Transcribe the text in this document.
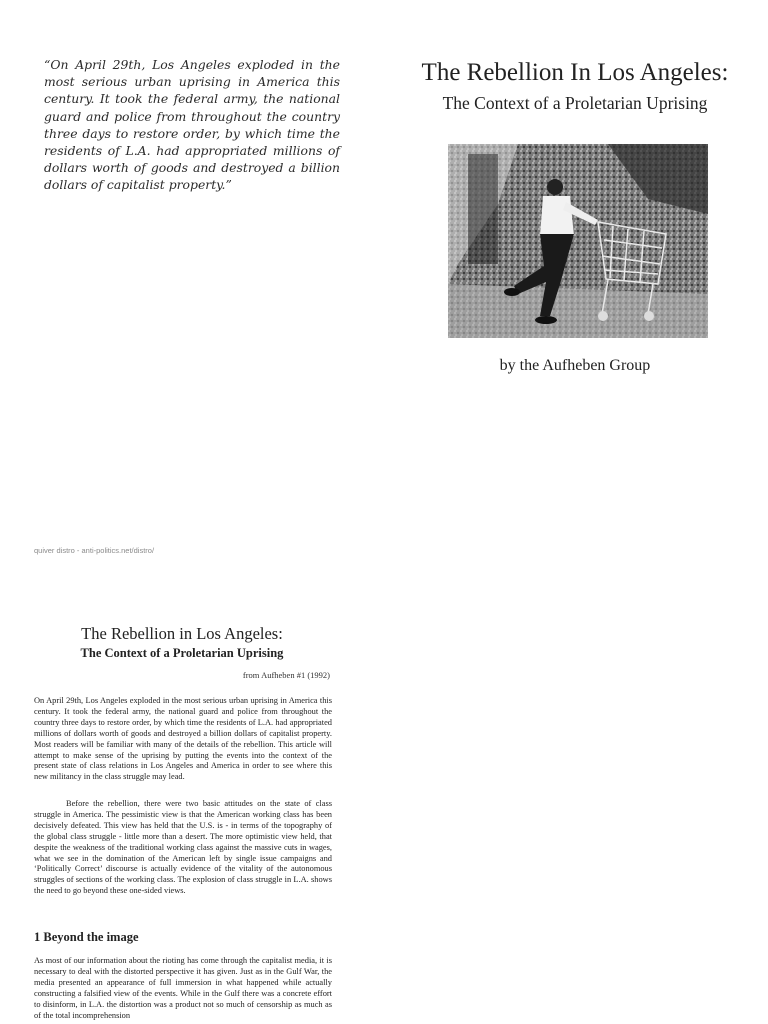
“On April 29th, Los Angeles exploded in the most serious urban uprising in America this century. It took the federal army, the national guard and police from throughout the country three days to restore order, by which time the residents of L.A. had appropriated millions of dollars worth of goods and destroyed a billion dollars of capitalist property.”
The Rebellion In Los Angeles:
The Context of a Proletarian Uprising
by the Aufheben Group
quiver distro - anti-politics.net/distro/
The Rebellion in Los Angeles:
The Context of a Proletarian Uprising
from Aufheben #1 (1992)

On April 29th, Los Angeles exploded in the most serious urban uprising in America this century. It took the federal army, the national guard and police from throughout the country three days to restore order, by which time the residents of L.A. had appropriated millions of dollars worth of goods and destroyed a billion dollars of capitalist property. Most readers will be familiar with many of the details of the rebellion. This article will attempt to make sense of the uprising by putting the events into the context of the present state of class relations in Los Angeles and America in order to see where this new militancy in the class struggle may lead.

Before the rebellion, there were two basic attitudes on the state of class struggle in America. The pessimistic view is that the American working class has been decisively defeated. This view has held that the U.S. is - in terms of the topography of the global class struggle - little more than a desert. The more optimistic view held, that despite the weakness of the traditional working class against the massive cuts in wages, what we see in the domination of the American left by single issue campaigns and ‘Politically Correct’ discourse is actually evidence of the vitality of the autonomous struggles of sections of the working class. The explosion of class struggle in L.A. shows the need to go beyond these one-sided views.

1 Beyond the image

As most of our information about the rioting has come through the capitalist media, it is necessary to deal with the distorted perspective it has given. Just as in the Gulf War, the media presented an appearance of full immersion in what happened while actually constructing a falsified view of the events. While in the Gulf there was a concrete effort to disinform, in L.A. the distortion was a product not so much of censorship as much as of the total incomprehension
